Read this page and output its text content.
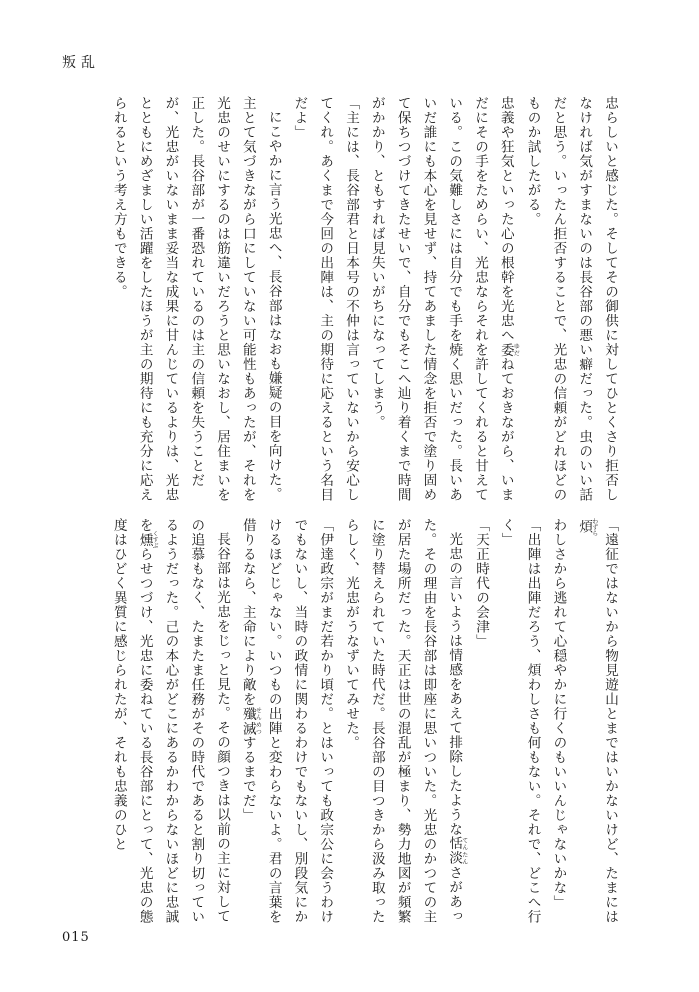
叛乱

忠らしいと感じた。そしてその御供に対してひとくさり拒否しなければ気がすまないのは長谷部の悪い癖だった。虫のいい話だと思う。いったん拒否することで、光忠の信頼がどれほどのものか試したがる。

忠義や狂気といった心の根幹を光忠へ委ゆだねておきながら、いまだにその手をためらい、光忠ならそれを許してくれると甘えている。この気難しさには自分でも手を焼く思いだった。長いあいだ誰にも本心を見せず、持てあました情念を拒否で塗り固めて保ちつづけてきたせいで、自分でもそこへ辿り着くまで時間がかかり、ともすれば見失いがちになってしまう。

「主には、長谷部君と日本号の不仲は言っていないから安心してくれ。あくまで今回の出陣は、主の期待に応えるという名目だよ」

にこやかに言う光忠へ、長谷部はなおも嫌疑の目を向けた。主とて気づきながら口にしていない可能性もあったが、それを光忠のせいにするのは筋違いだろうと思いなおし、居住まいを正した。長谷部が一番恐れているのは主の信頼を失うことだが、光忠がいないまま妥当な成果に甘んじているよりは、光忠とともにめざましい活躍をしたほうが主の期待にも充分に応えられるという考え方もできる。

「遠征ではないから物見遊山とまではいかないけど、たまには煩わずらわしさから逃れて心穏やかに行くのもいいんじゃないかな」

「出陣は出陣だろう、煩わしさも何もない。それで、どこへ行く」

「天正時代の会津」

光忠の言いようは情感をあえて排除したような恬淡てんたんさがあった。その理由を長谷部は即座に思いついた。光忠のかつての主が居た場所だった。天正は世の混乱が極まり、勢力地図が頻繁に塗り替えられていた時代だ。長谷部の目つきから汲み取ったらしく、光忠がうなずいてみせた。

「伊達政宗がまだ若かり頃だ。とはいっても政宗公に会うわけでもないし、当時の政情に関わるわけでもないし、別段気にかけるほどじゃない。いつもの出陣と変わらないよ。君の言葉を借りるなら、主命により敵を殲滅せんめつするまでだ」

長谷部は光忠をじっと見た。その顔つきは以前の主に対しての追慕もなく、たまたま任務がその時代であると割り切っているようだった。己の本心がどこにあるかわからないほどに忠誠を燻くすぶらせつづけ、光忠に委ねている長谷部にとって、光忠の態度はひどく異質に感じられたが、それも忠義のひと

015
